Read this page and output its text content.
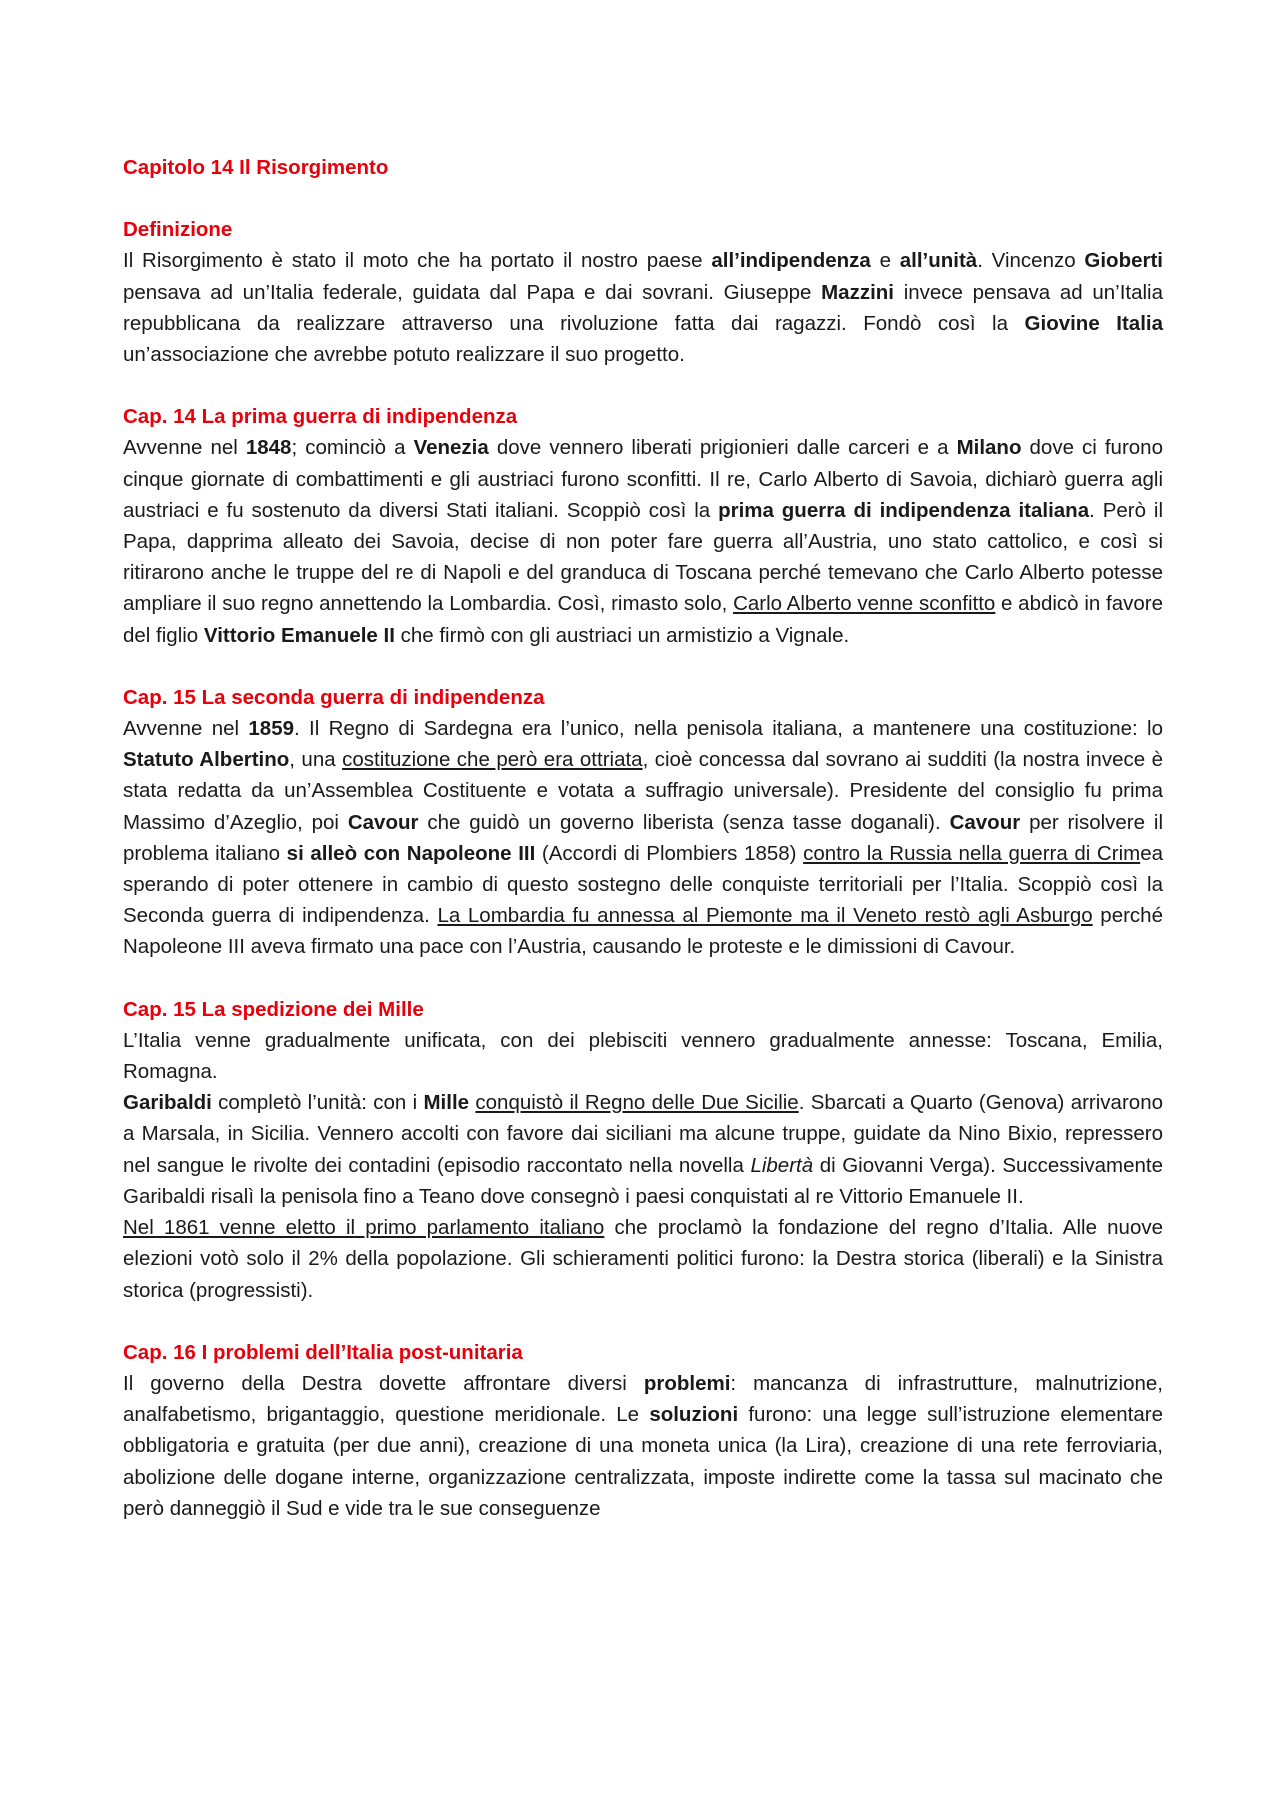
Capitolo 14 Il Risorgimento
Definizione

Il Risorgimento è stato il moto che ha portato il nostro paese all’indipendenza e all’unità. Vincenzo Gioberti pensava ad un’Italia federale, guidata dal Papa e dai sovrani. Giuseppe Mazzini invece pensava ad un’Italia repubblicana da realizzare attraverso una rivoluzione fatta dai ragazzi. Fondò così la Giovine Italia un’associazione che avrebbe potuto realizzare il suo progetto.

Cap. 14 La prima guerra di indipendenza

Avvenne nel 1848; cominciò a Venezia dove vennero liberati prigionieri dalle carceri e a Milano dove ci furono cinque giornate di combattimenti e gli austriaci furono sconfitti. Il re, Carlo Alberto di Savoia, dichiarò guerra agli austriaci e fu sostenuto da diversi Stati italiani. Scoppiò così la prima guerra di indipendenza italiana. Però il Papa, dapprima alleato dei Savoia, decise di non poter fare guerra all’Austria, uno stato cattolico, e così si ritirarono anche le truppe del re di Napoli e del granduca di Toscana perché temevano che Carlo Alberto potesse ampliare il suo regno annettendo la Lombardia. Così, rimasto solo, Carlo Alberto venne sconfitto e abdicò in favore del figlio Vittorio Emanuele II che firmò con gli austriaci un armistizio a Vignale.

Cap. 15 La seconda guerra di indipendenza

Avvenne nel 1859. Il Regno di Sardegna era l’unico, nella penisola italiana, a mantenere una costituzione: lo Statuto Albertino, una costituzione che però era ottriata, cioè concessa dal sovrano ai sudditi (la nostra invece è stata redatta da un’Assemblea Costituente e votata a suffragio universale). Presidente del consiglio fu prima Massimo d’Azeglio, poi Cavour che guidò un governo liberista (senza tasse doganali). Cavour per risolvere il problema italiano si alleò con Napoleone III (Accordi di Plombiers 1858) contro la Russia nella guerra di Crimea sperando di poter ottenere in cambio di questo sostegno delle conquiste territoriali per l’Italia. Scoppiò così la Seconda guerra di indipendenza. La Lombardia fu annessa al Piemonte ma il Veneto restò agli Asburgo perché Napoleone III aveva firmato una pace con l’Austria, causando le proteste e le dimissioni di Cavour.

Cap. 15 La spedizione dei Mille

L’Italia venne gradualmente unificata, con dei plebisciti vennero gradualmente annesse: Toscana, Emilia, Romagna.

Garibaldi completò l’unità: con i Mille conquistò il Regno delle Due Sicilie. Sbarcati a Quarto (Genova) arrivarono a Marsala, in Sicilia. Vennero accolti con favore dai siciliani ma alcune truppe, guidate da Nino Bixio, repressero nel sangue le rivolte dei contadini (episodio raccontato nella novella Libertà di Giovanni Verga). Successivamente Garibaldi risalì la penisola fino a Teano dove consegnò i paesi conquistati al re Vittorio Emanuele II.

Nel 1861 venne eletto il primo parlamento italiano che proclamò la fondazione del regno d’Italia. Alle nuove elezioni votò solo il 2% della popolazione. Gli schieramenti politici furono: la Destra storica (liberali) e la Sinistra storica (progressisti).

Cap. 16 I problemi dell’Italia post-unitaria

Il governo della Destra dovette affrontare diversi problemi: mancanza di infrastrutture, malnutrizione, analfabetismo, brigantaggio, questione meridionale. Le soluzioni furono: una legge sull’istruzione elementare obbligatoria e gratuita (per due anni), creazione di una moneta unica (la Lira), creazione di una rete ferroviaria, abolizione delle dogane interne, organizzazione centralizzata, imposte indirette come la tassa sul macinato che però danneggiò il Sud e vide tra le sue conseguenze
